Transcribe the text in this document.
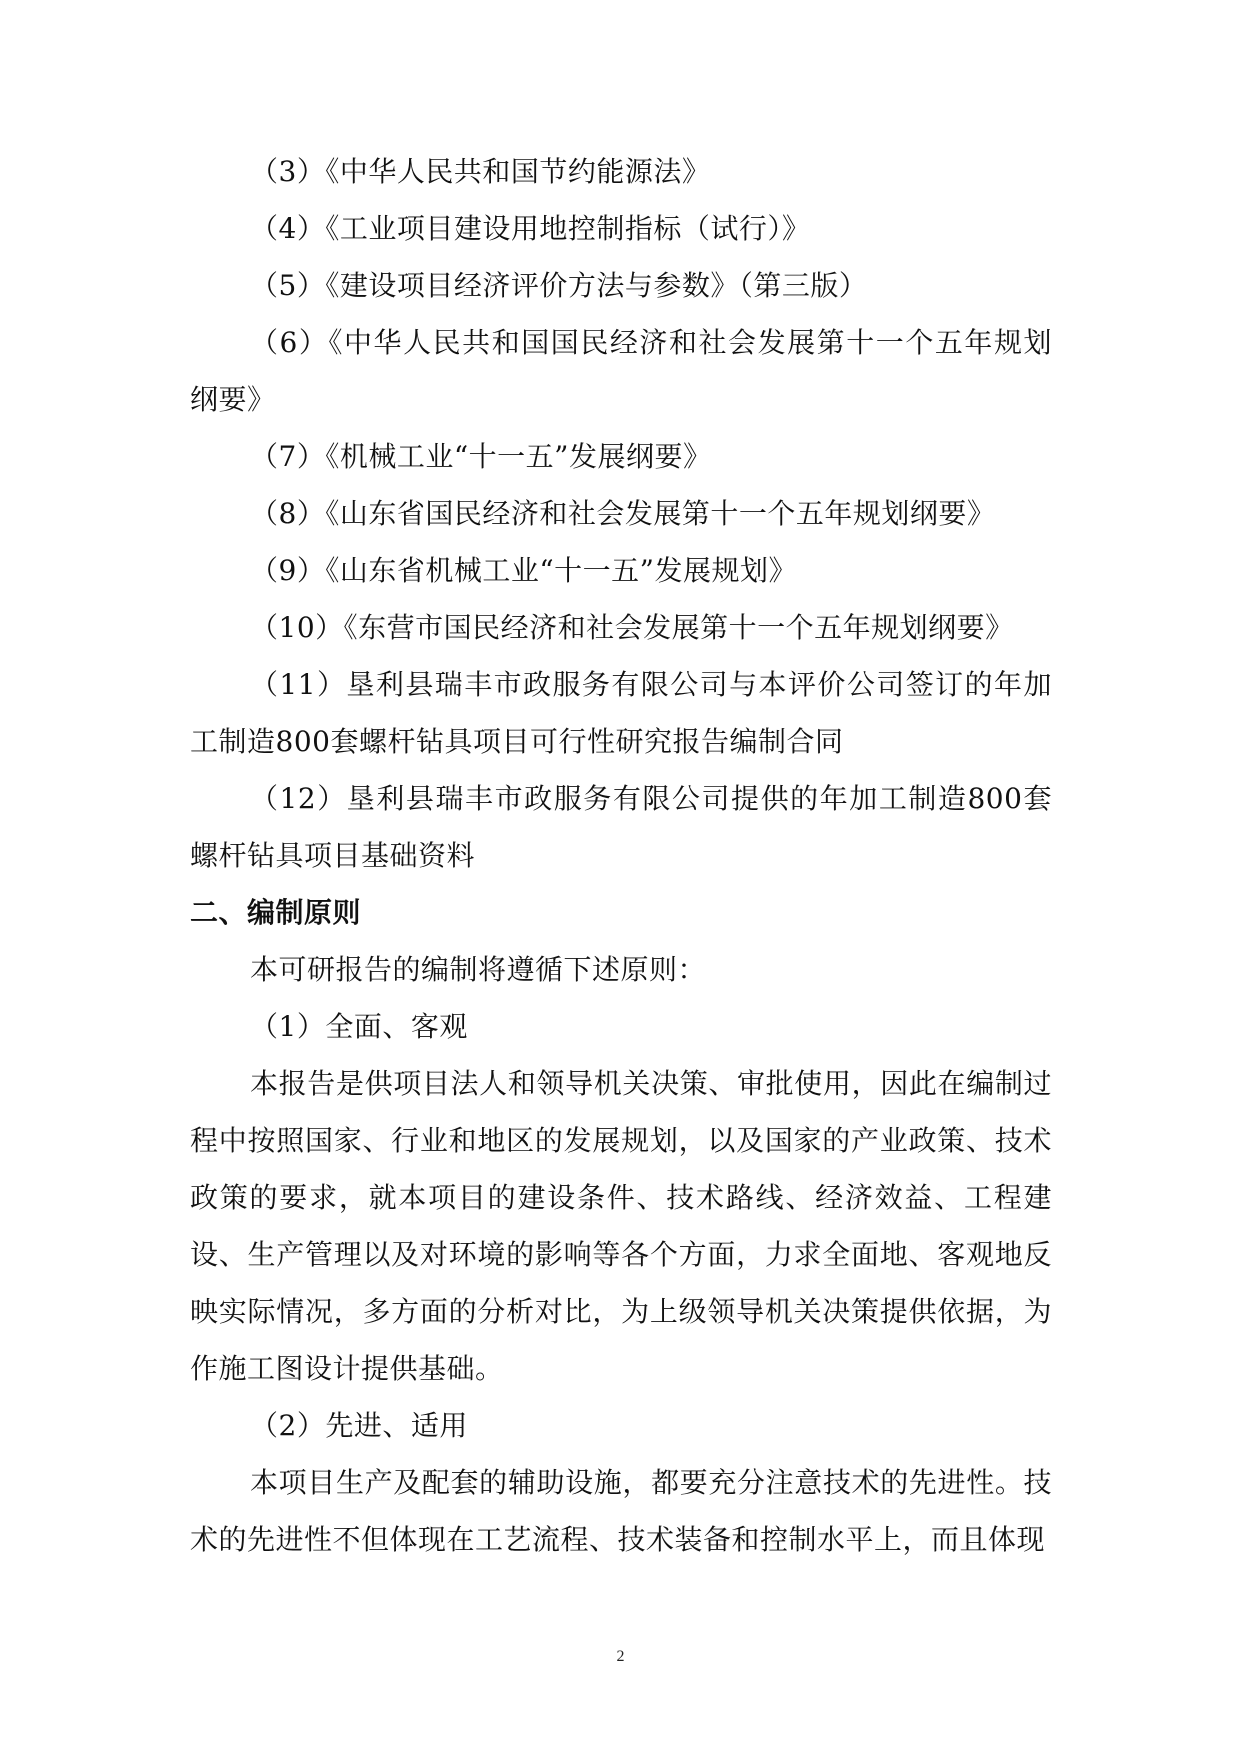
（3）《中华人民共和国节约能源法》

（4）《工业项目建设用地控制指标（试行）》

（5）《建设项目经济评价方法与参数》（第三版）

（6）《中华人民共和国国民经济和社会发展第十一个五年规划纲要》

（7）《机械工业“十一五”发展纲要》

（8）《山东省国民经济和社会发展第十一个五年规划纲要》

（9）《山东省机械工业“十一五”发展规划》

（10）《东营市国民经济和社会发展第十一个五年规划纲要》

（11）垦利县瑞丰市政服务有限公司与本评价公司签订的年加工制造800套螺杆钻具项目可行性研究报告编制合同

（12）垦利县瑞丰市政服务有限公司提供的年加工制造800套螺杆钻具项目基础资料

二、编制原则

本可研报告的编制将遵循下述原则：

（1）全面、客观

本报告是供项目法人和领导机关决策、审批使用，因此在编制过程中按照国家、行业和地区的发展规划，以及国家的产业政策、技术政策的要求，就本项目的建设条件、技术路线、经济效益、工程建设、生产管理以及对环境的影响等各个方面，力求全面地、客观地反映实际情况，多方面的分析对比，为上级领导机关决策提供依据，为作施工图设计提供基础。

（2）先进、适用

本项目生产及配套的辅助设施，都要充分注意技术的先进性。技术的先进性不但体现在工艺流程、技术装备和控制水平上，而且体现

2
